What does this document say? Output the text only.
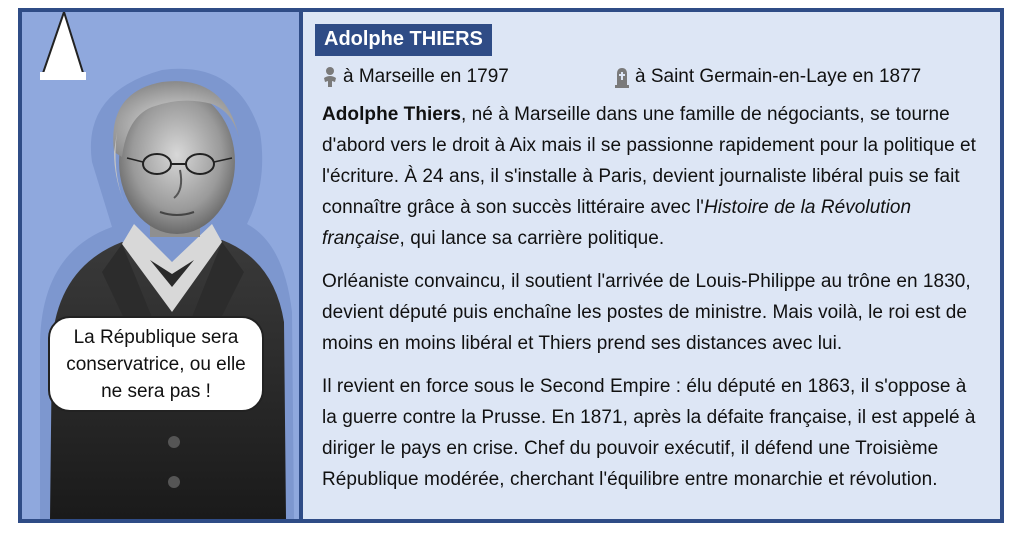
La République sera conservatrice, ou elle ne sera pas !
Adolphe THIERS
à Marseille en 1797	à Saint Germain-en-Laye en 1877

Adolphe Thiers, né à Marseille dans une famille de négociants, se tourne d'abord vers le droit à Aix mais il se passionne rapidement pour la politique et l'écriture. À 24 ans, il s'installe à Paris, devient journaliste libéral puis se fait connaître grâce à son succès littéraire avec l'Histoire de la Révolution française, qui lance sa carrière politique.

Orléaniste convaincu, il soutient l'arrivée de Louis-Philippe au trône en 1830, devient député puis enchaîne les postes de ministre. Mais voilà, le roi est de moins en moins libéral et Thiers prend ses distances avec lui.

Il revient en force sous le Second Empire : élu député en 1863, il s'oppose à la guerre contre la Prusse. En 1871, après la défaite française, il est appelé à diriger le pays en crise. Chef du pouvoir exécutif, il défend une Troisième République modérée, cherchant l'équilibre entre monarchie et révolution.
